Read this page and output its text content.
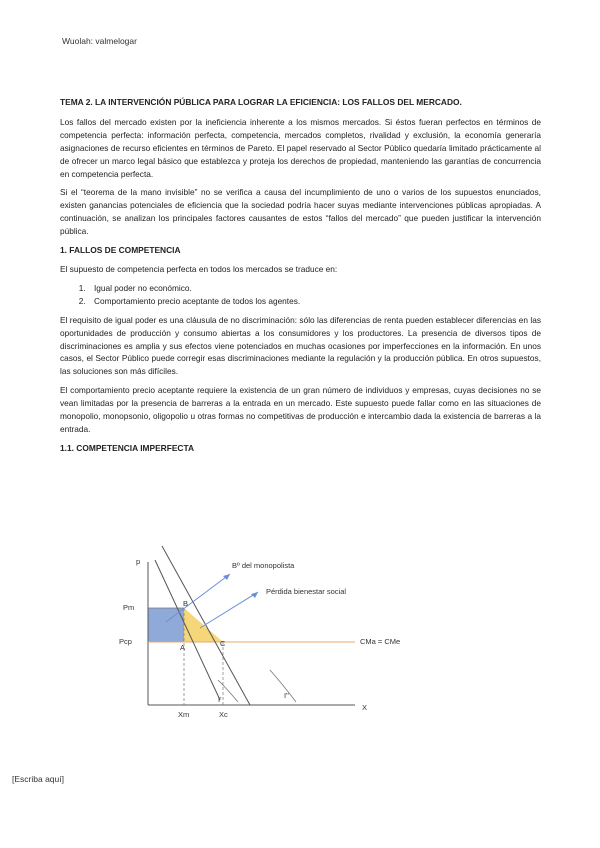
Wuolah: valmelogar
TEMA 2. LA INTERVENCIÓN PÚBLICA PARA LOGRAR LA EFICIENCIA: LOS FALLOS DEL MERCADO.

Los fallos del mercado existen por la ineficiencia inherente a los mismos mercados. Si éstos fueran perfectos en términos de competencia perfecta: información perfecta, competencia, mercados completos, rivalidad y exclusión, la economía generaría asignaciones de recurso eficientes en términos de Pareto. El papel reservado al Sector Público quedaría limitado prácticamente al de ofrecer un marco legal básico que establezca y proteja los derechos de propiedad, manteniendo las garantías de concurrencia en competencia perfecta.

Si el “teorema de la mano invisible” no se verifica a causa del incumplimiento de uno o varios de los supuestos enunciados, existen ganancias potenciales de eficiencia que la sociedad podría hacer suyas mediante intervenciones públicas apropiadas. A continuación, se analizan los principales factores causantes de estos “fallos del mercado” que pueden justificar la intervención pública.

1. FALLOS DE COMPETENCIA

El supuesto de competencia perfecta en todos los mercados se traduce en:

1. Igual poder no económico.
2. Comportamiento precio aceptante de todos los agentes.

El requisito de igual poder es una cláusula de no discriminación: sólo las diferencias de renta pueden establecer diferencias en las oportunidades de producción y consumo abiertas a los consumidores y los productores. La presencia de diversos tipos de discriminaciones es amplia y sus efectos viene potenciados en muchas ocasiones por imperfecciones en la información. En unos casos, el Sector Público puede corregir esas discriminaciones mediante la regulación y la producción pública. En otros supuestos, las soluciones son más difíciles.

El comportamiento precio aceptante requiere la existencia de un gran número de individuos y empresas, cuyas decisiones no se vean limitadas por la presencia de barreras a la entrada en un mercado. Este supuesto puede fallar como en las situaciones de monopolio, monopsonio, oligopolio u otras formas no competitivas de producción e intercambio dada la existencia de barreras a la entrada.

1.1. COMPETENCIA IMPERFECTA
p
X
Pm
Pcp
Xm	Xc
B
A	C
I'	I"
CMa = CMe
Bº del monopolista
Pérdida bienestar social
[Escriba aquí]
